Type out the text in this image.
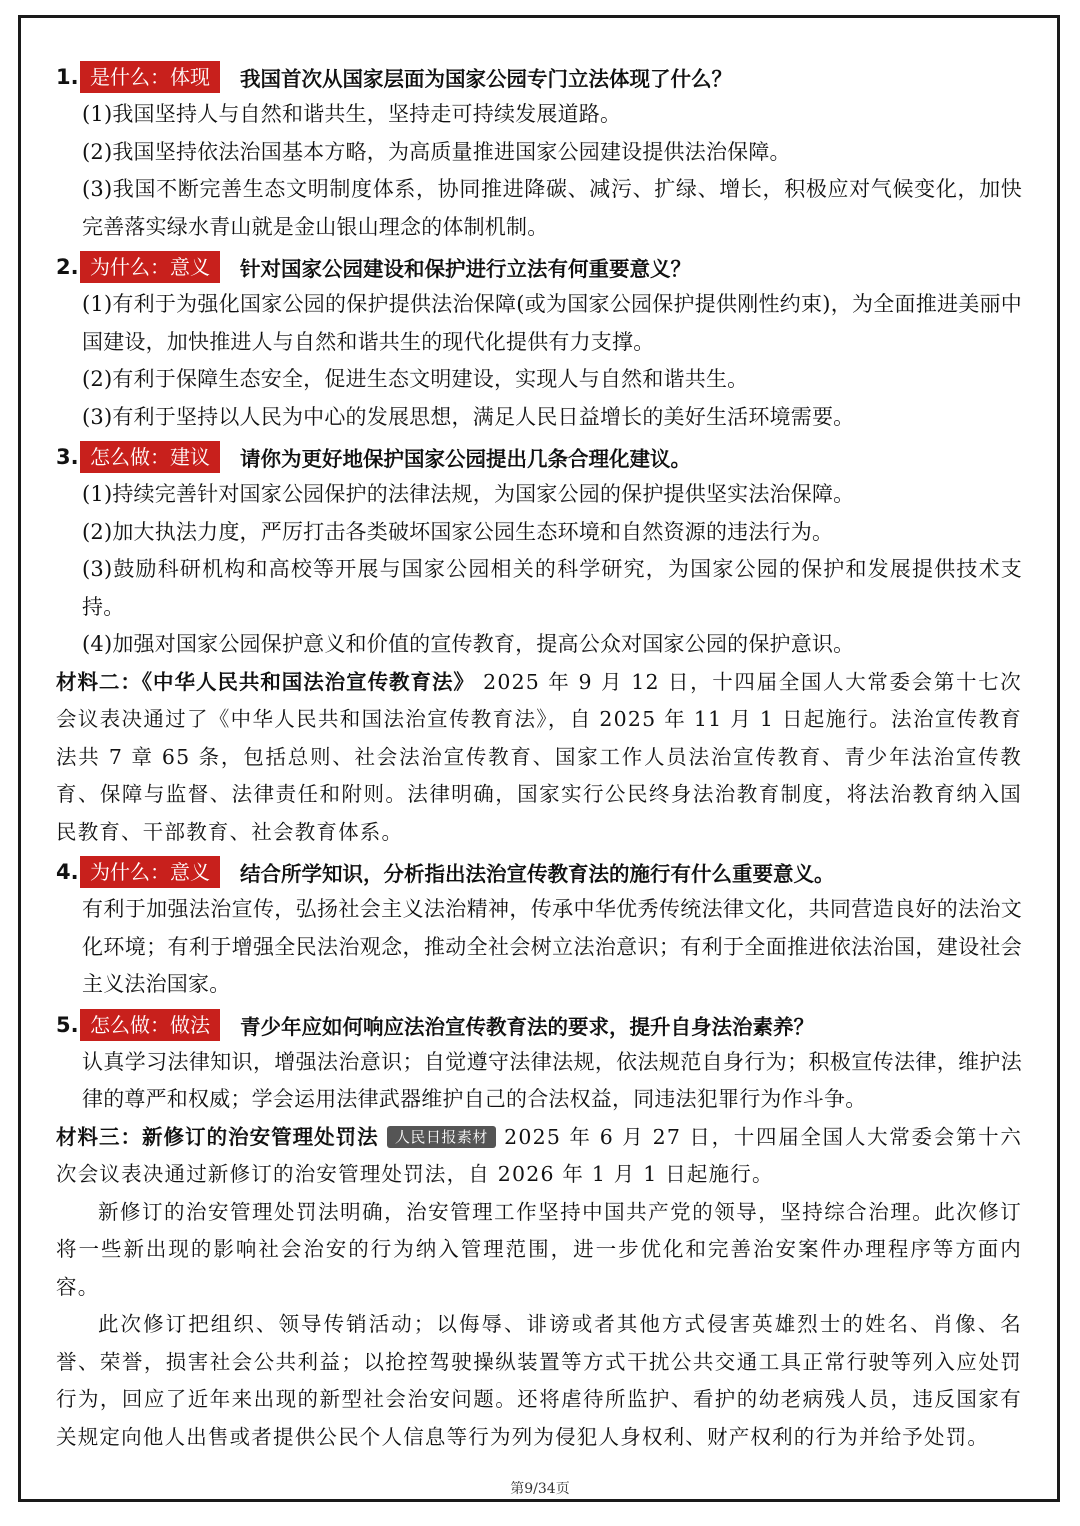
1. 是什么：体现	我国首次从国家层面为国家公园专门立法体现了什么？

(1)我国坚持人与自然和谐共生，坚持走可持续发展道路。

(2)我国坚持依法治国基本方略，为高质量推进国家公园建设提供法治保障。

(3)我国不断完善生态文明制度体系，协同推进降碳、减污、扩绿、增长，积极应对气候变化，加快完善落实绿水青山就是金山银山理念的体制机制。

2. 为什么：意义	针对国家公园建设和保护进行立法有何重要意义？

(1)有利于为强化国家公园的保护提供法治保障(或为国家公园保护提供刚性约束)，为全面推进美丽中国建设，加快推进人与自然和谐共生的现代化提供有力支撑。

(2)有利于保障生态安全，促进生态文明建设，实现人与自然和谐共生。

(3)有利于坚持以人民为中心的发展思想，满足人民日益增长的美好生活环境需要。

3. 怎么做：建议	请你为更好地保护国家公园提出几条合理化建议。

(1)持续完善针对国家公园保护的法律法规，为国家公园的保护提供坚实法治保障。

(2)加大执法力度，严厉打击各类破坏国家公园生态环境和自然资源的违法行为。

(3)鼓励科研机构和高校等开展与国家公园相关的科学研究，为国家公园的保护和发展提供技术支持。

(4)加强对国家公园保护意义和价值的宣传教育，提高公众对国家公园的保护意识。

材料二：《中华人民共和国法治宣传教育法》 2025 年 9 月 12 日，十四届全国人大常委会第十七次会议表决通过了《中华人民共和国法治宣传教育法》，自 2025 年 11 月 1 日起施行。法治宣传教育法共 7 章 65 条，包括总则、社会法治宣传教育、国家工作人员法治宣传教育、青少年法治宣传教育、保障与监督、法律责任和附则。法律明确，国家实行公民终身法治教育制度，将法治教育纳入国民教育、干部教育、社会教育体系。

4. 为什么：意义	结合所学知识，分析指出法治宣传教育法的施行有什么重要意义。

有利于加强法治宣传，弘扬社会主义法治精神，传承中华优秀传统法律文化，共同营造良好的法治文化环境；有利于增强全民法治观念，推动全社会树立法治意识；有利于全面推进依法治国，建设社会主义法治国家。

5. 怎么做：做法	青少年应如何响应法治宣传教育法的要求，提升自身法治素养？

认真学习法律知识，增强法治意识；自觉遵守法律法规，依法规范自身行为；积极宣传法律，维护法律的尊严和权威；学会运用法律武器维护自己的合法权益，同违法犯罪行为作斗争。

材料三：新修订的治安管理处罚法 人民日报素材 2025 年 6 月 27 日，十四届全国人大常委会第十六次会议表决通过新修订的治安管理处罚法，自 2026 年 1 月 1 日起施行。

新修订的治安管理处罚法明确，治安管理工作坚持中国共产党的领导，坚持综合治理。此次修订将一些新出现的影响社会治安的行为纳入管理范围，进一步优化和完善治安案件办理程序等方面内容。

此次修订把组织、领导传销活动；以侮辱、诽谤或者其他方式侵害英雄烈士的姓名、肖像、名誉、荣誉，损害社会公共利益；以抢控驾驶操纵装置等方式干扰公共交通工具正常行驶等列入应处罚行为，回应了近年来出现的新型社会治安问题。还将虐待所监护、看护的幼老病残人员，违反国家有关规定向他人出售或者提供公民个人信息等行为列为侵犯人身权利、财产权利的行为并给予处罚。

第9/34页
